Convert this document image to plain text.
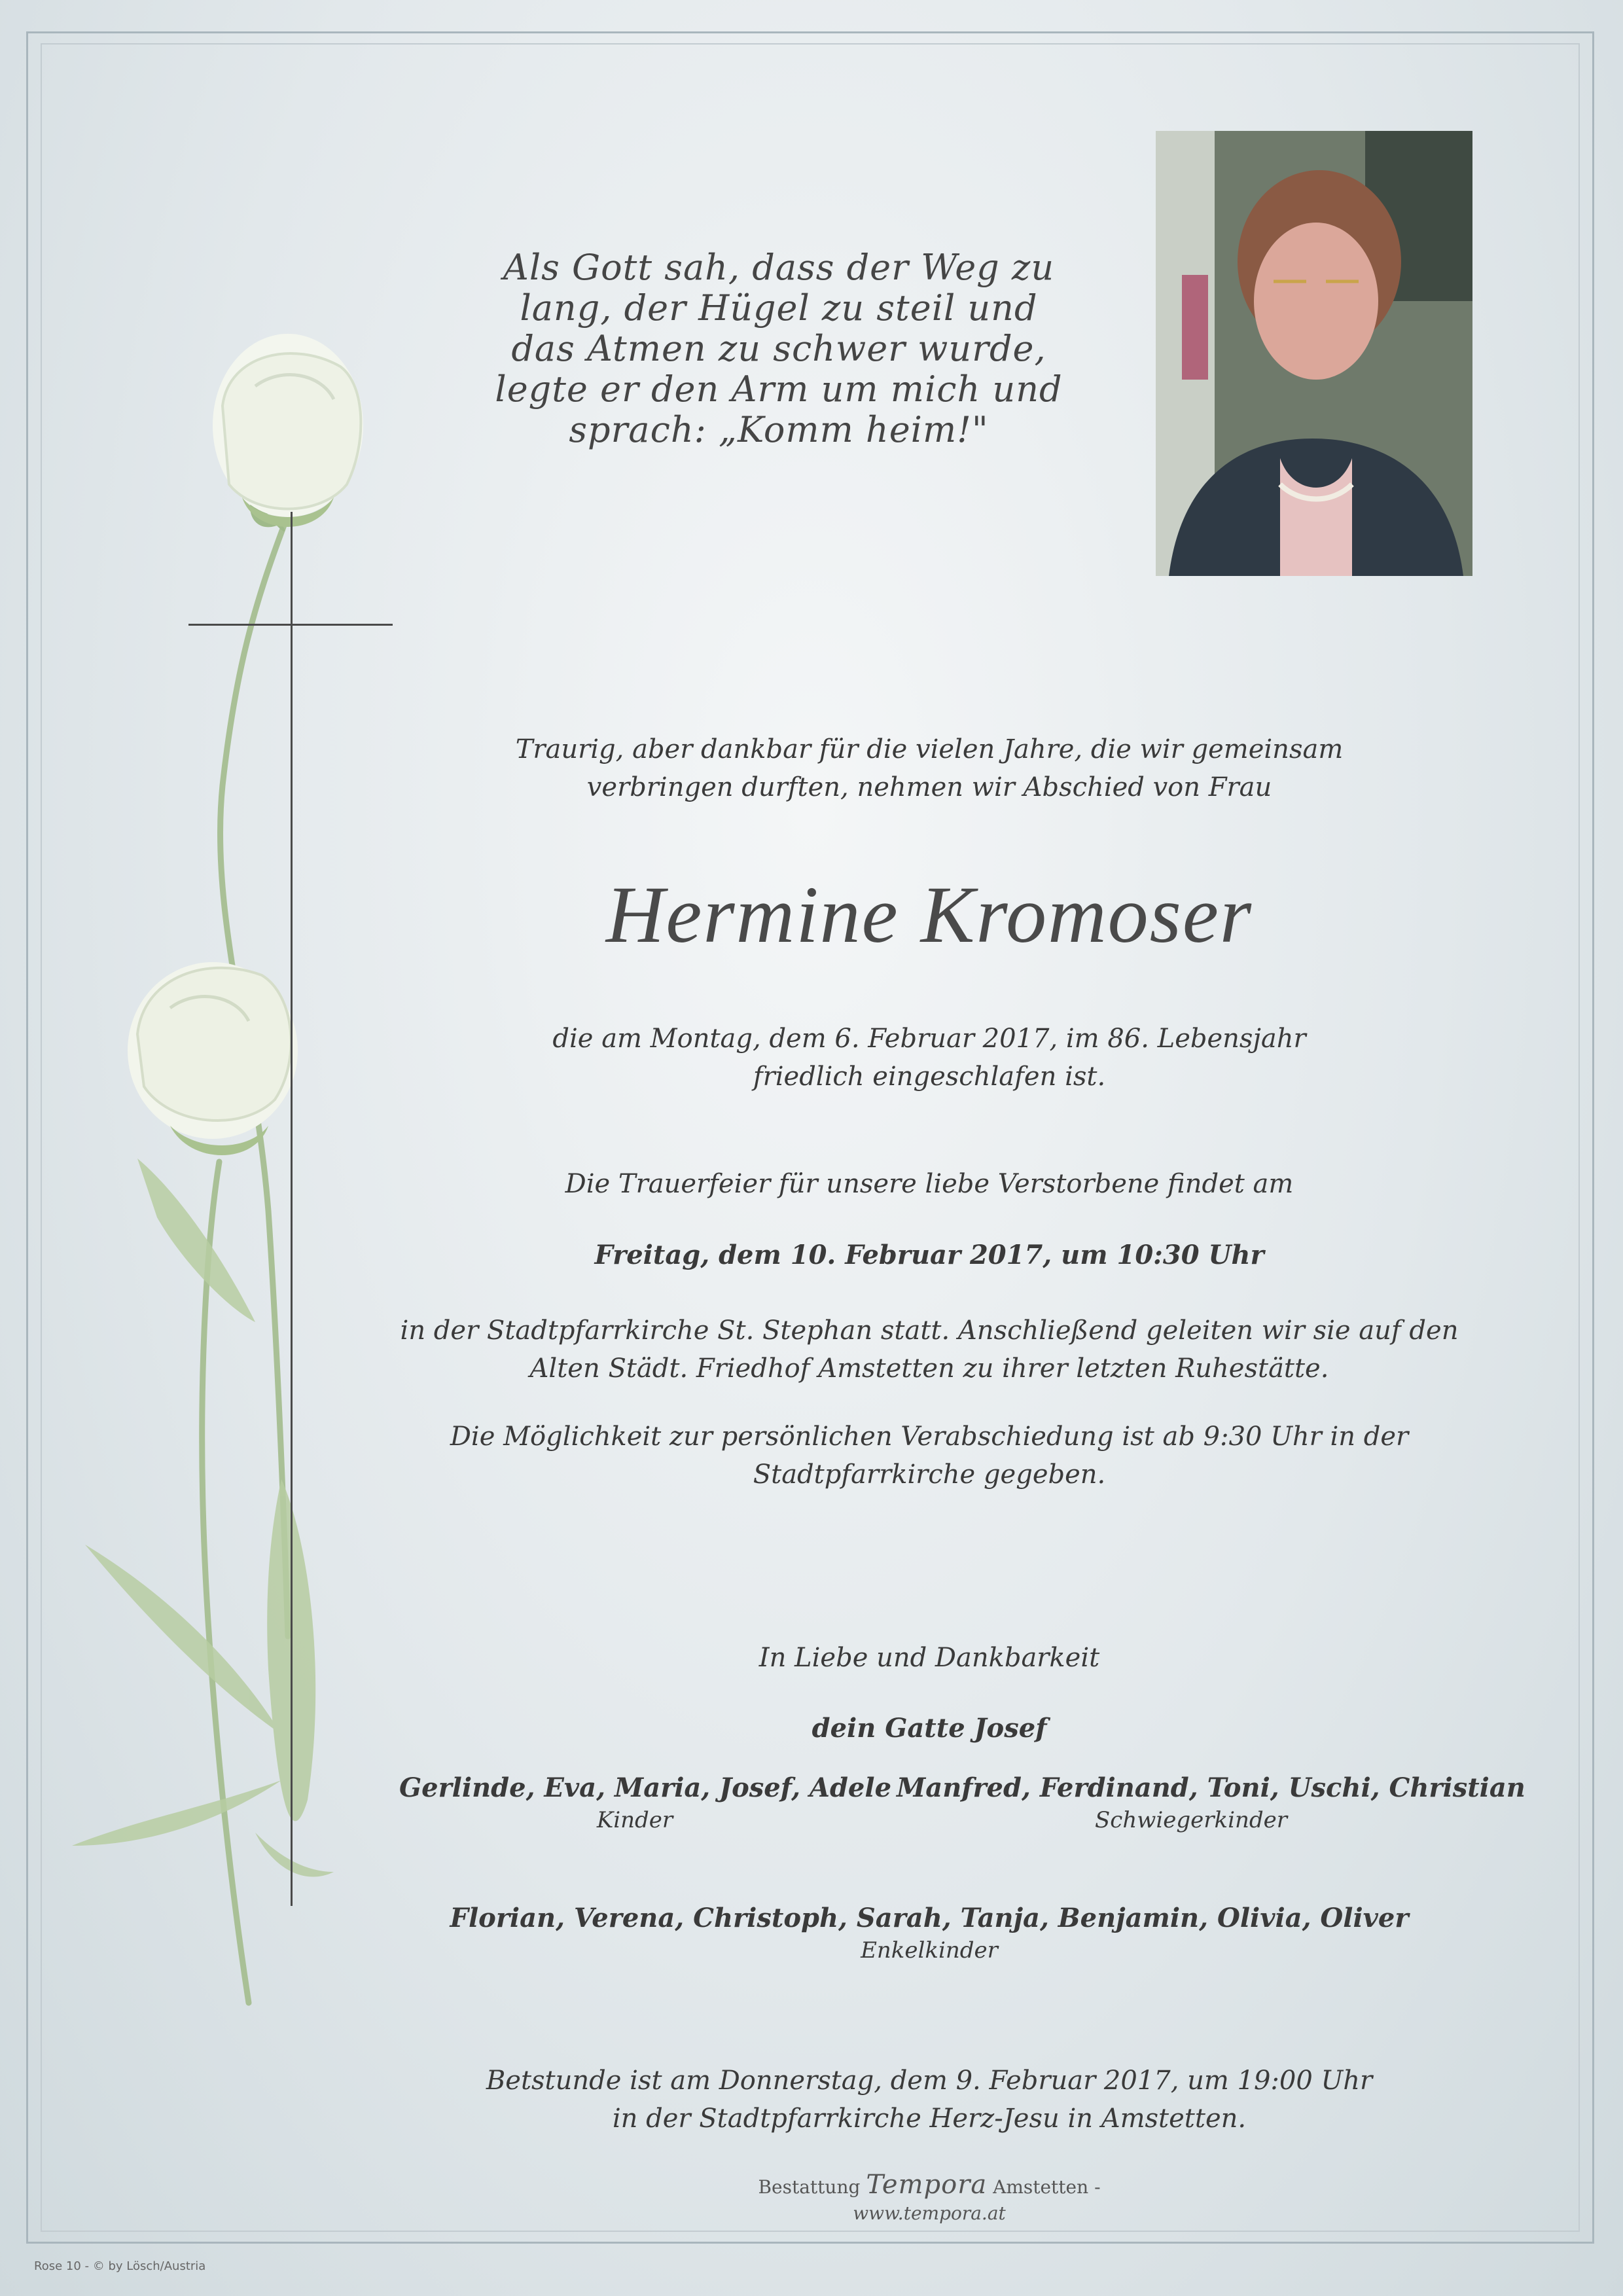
Als Gott sah, dass der Weg zu
lang, der Hügel zu steil und
das Atmen zu schwer wurde,
legte er den Arm um mich und
sprach: „Komm heim!"
Traurig, aber dankbar für die vielen Jahre, die wir gemeinsam
verbringen durften, nehmen wir Abschied von Frau
Hermine Kromoser
die am Montag, dem 6. Februar 2017, im 86. Lebensjahr
friedlich eingeschlafen ist.
Die Trauerfeier für unsere liebe Verstorbene findet am
Freitag, dem 10. Februar 2017, um 10:30 Uhr
in der Stadtpfarrkirche St. Stephan statt. Anschließend geleiten wir sie auf den
Alten Städt. Friedhof Amstetten zu ihrer letzten Ruhestätte.
Die Möglichkeit zur persönlichen Verabschiedung ist ab 9:30 Uhr in der
Stadtpfarrkirche gegeben.
In Liebe und Dankbarkeit
dein Gatte Josef
Gerlinde, Eva, Maria, Josef, Adele
Kinder
Manfred, Ferdinand, Toni, Uschi, Christian
Schwiegerkinder
Florian, Verena, Christoph, Sarah, Tanja, Benjamin, Olivia, Oliver
Enkelkinder
Betstunde ist am Donnerstag, dem 9. Februar 2017, um 19:00 Uhr
in der Stadtpfarrkirche Herz-Jesu in Amstetten.
Bestattung Tempora Amstetten - www.tempora.at
Rose 10 - © by Lösch/Austria
